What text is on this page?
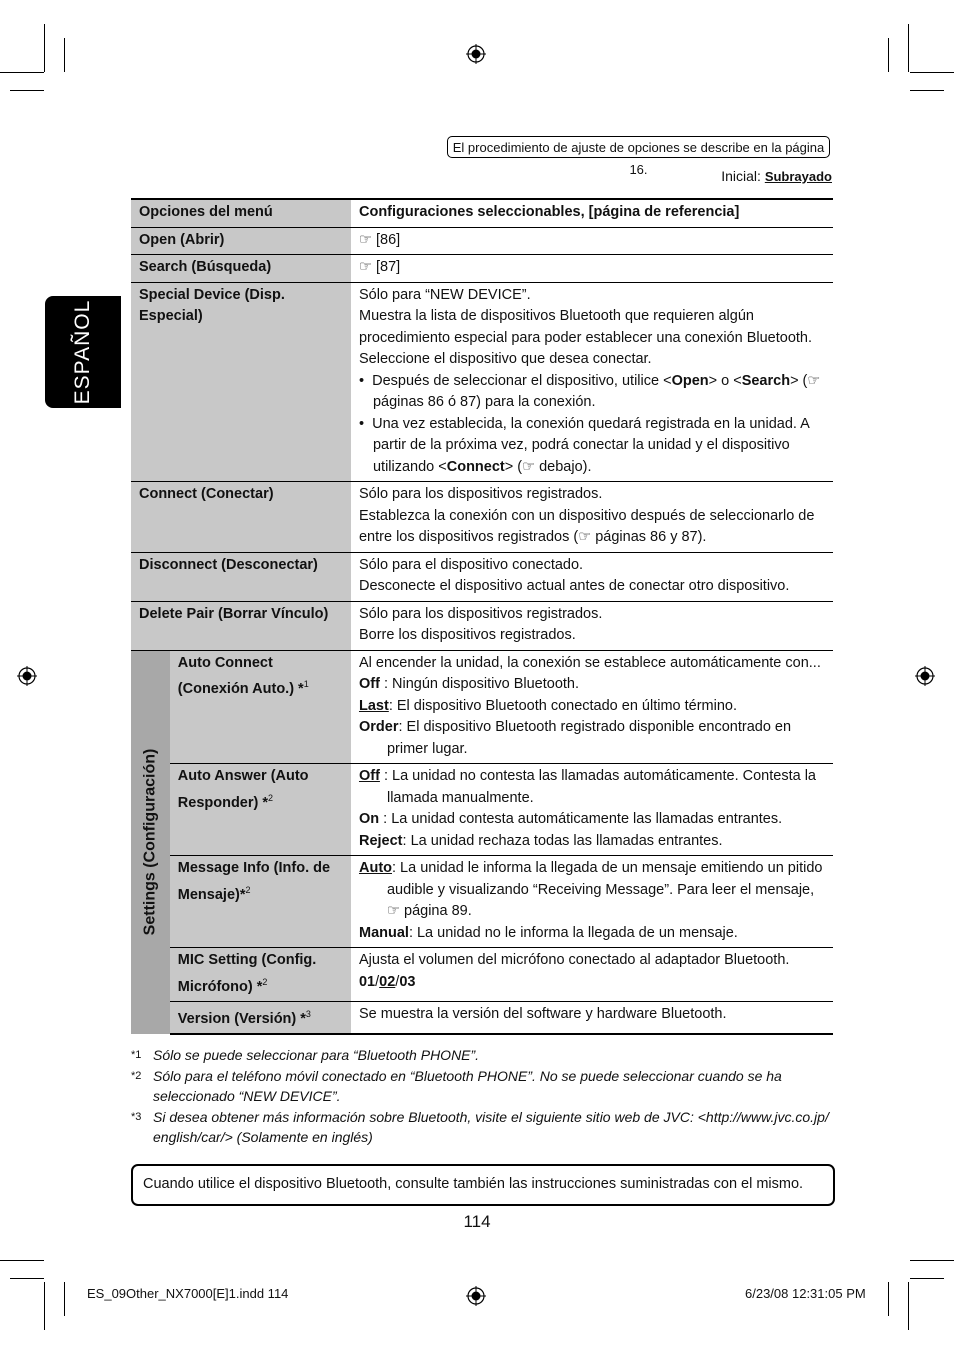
El procedimiento de ajuste de opciones se describe en la página 16.	Inicial: Subrayado
ESPAÑOL
Opciones del menú		Configuraciones seleccionables, [página de referencia]
Open (Abrir)		☞ [86]
Search (Búsqueda)		☞ [87]
Special Device (Disp. Especial)		Sólo para “NEW DEVICE”.

Muestra la lista de dispositivos Bluetooth que requieren algún procedimiento especial para poder establecer una conexión Bluetooth. Seleccione el dispositivo que desea conectar.

•  Después de seleccionar el dispositivo, utilice <Open> o <Search> (☞ páginas 86 ó 87) para la conexión.

•  Una vez establecida, la conexión quedará registrada en la unidad. A partir de la próxima vez, podrá conectar la unidad y el dispositivo utilizando <Connect> (☞ debajo).

Connect (Conectar)		Sólo para los dispositivos registrados.

Establezca la conexión con un dispositivo después de seleccionarlo de entre los dispositivos registrados (☞ páginas 86 y 87).

Disconnect (Desconectar)		Sólo para el dispositivo conectado.

Desconecte el dispositivo actual antes de conectar otro dispositivo.

Delete Pair (Borrar Vínculo)		Sólo para los dispositivos registrados.

Borre los dispositivos registrados.

Settings (Configuración)	Auto Connect (Conexión Auto.) *$^1$	Al encender la unidad, la conexión se establece automáticamente con...

Off : Ningún dispositivo Bluetooth.

Last: El dispositivo Bluetooth conectado en último término.

Order: El dispositivo Bluetooth registrado disponible encontrado en primer lugar.

	Auto Answer (Auto Responder) *$^2$	Off : La unidad no contesta las llamadas automáticamente. Contesta la llamada manualmente.

On : La unidad contesta automáticamente las llamadas entrantes.

Reject: La unidad rechaza todas las llamadas entrantes.

	Message Info (Info. de Mensaje)*$^2$	Auto: La unidad le informa la llegada de un mensaje emitiendo un pitido audible y visualizando “Receiving Message”. Para leer el mensaje, ☞ página 89.

Manual: La unidad no le informa la llegada de un mensaje.

	MIC Setting (Config. Micrófono) *$^2$	Ajusta el volumen del micrófono conectado al adaptador Bluetooth.

01/02/03

	Version (Versión) *$^3$	Se muestra la versión del software y hardware Bluetooth.

*1 Sólo se puede seleccionar para “Bluetooth PHONE”.
*2 Sólo para el teléfono móvil conectado en “Bluetooth PHONE”. No se puede seleccionar cuando se ha seleccionado “NEW DEVICE”.
*3 Si desea obtener más información sobre Bluetooth, visite el siguiente sitio web de JVC: <http://www.jvc.co.jp/ english/car/> (Solamente en inglés)
Cuando utilice el dispositivo Bluetooth, consulte también las instrucciones suministradas con el mismo.
114
ES_09Other_NX7000[E]1.indd 114	6/23/08 12:31:05 PM
